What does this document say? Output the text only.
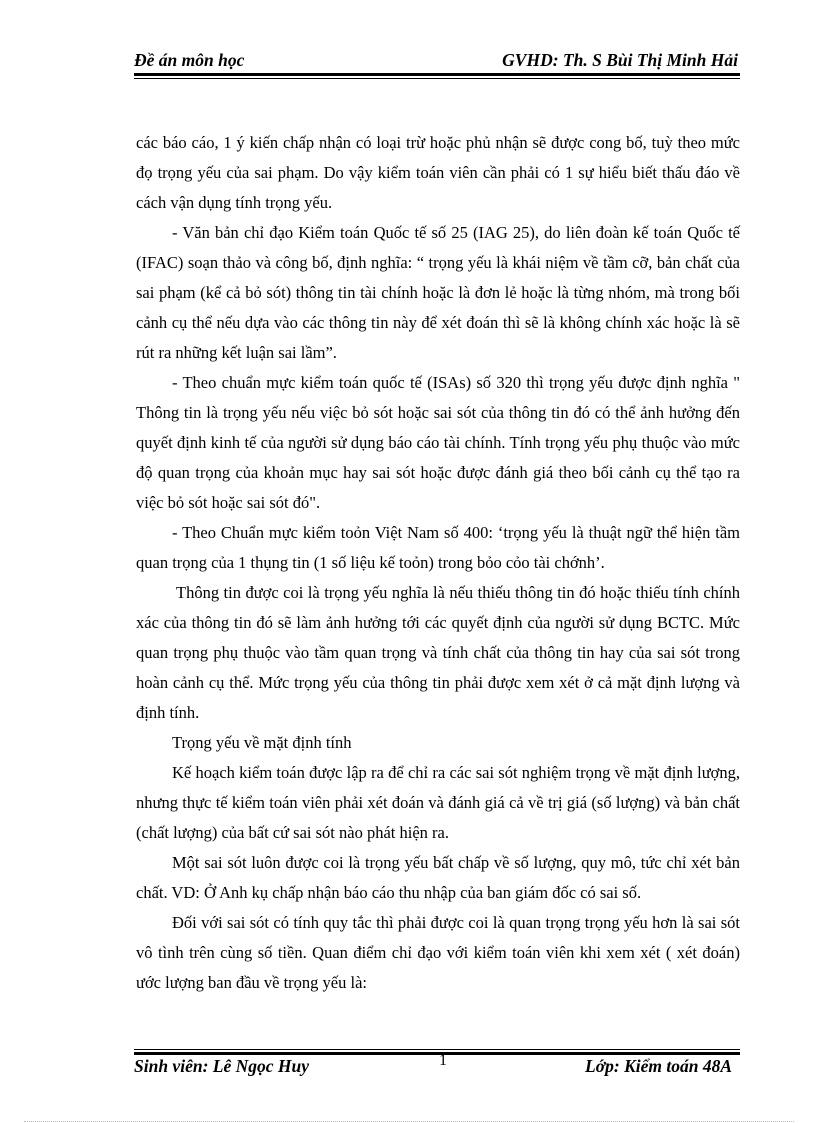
Đề án môn học	GVHD: Th. S Bùi Thị Minh Hải

các báo cáo, 1 ý kiến chấp nhận có loại trừ hoặc phủ nhận sẽ được cong bố, tuỳ theo mức đọ trọng yếu của sai phạm. Do vậy kiểm toán viên cần phải có 1 sự hiểu biết thấu đáo về cách vận dụng tính trọng yếu.

- Văn bản chỉ đạo Kiểm toán Quốc tế số 25 (IAG 25), do liên đoàn kế toán Quốc tế (IFAC) soạn thảo và công bố, định nghĩa: “ trọng yếu là khái niệm về tầm cỡ, bản chất của sai phạm (kể cả bỏ sót) thông tin tài chính hoặc là đơn lẻ hoặc là từng nhóm, mà trong bối cảnh cụ thể nếu dựa vào các thông tin này để xét đoán thì sẽ là không chính xác hoặc là sẽ rút ra những kết luận sai lầm”.

- Theo chuẩn mực kiểm toán quốc tế (ISAs) số 320 thì trọng yếu được định nghĩa " Thông tin là trọng yếu nếu việc bỏ sót hoặc sai sót của thông tin đó có thể ảnh hưởng đến quyết định kinh tế của người sử dụng báo cáo tài chính. Tính trọng yếu phụ thuộc vào mức độ quan trọng của khoản mục hay sai sót hoặc được đánh giá theo bối cảnh cụ thể tạo ra việc bỏ sót hoặc sai sót đó".

- Theo Chuẩn mực kiểm toỏn Việt Nam số 400: ‘trọng yếu là thuật ngữ thể hiện tầm quan trọng của 1 thụng tin (1 số liệu kế toỏn) trong bỏo cỏo tài chớnh’.

Thông tin được coi là trọng yếu nghĩa là nếu thiếu thông tin đó hoặc thiếu tính chính xác của thông tin đó sẽ làm ảnh hưởng tới các quyết định của người sử dụng BCTC. Mức quan trọng phụ thuộc vào tầm quan trọng và tính chất của thông tin hay của sai sót trong hoàn cảnh cụ thể. Mức trọng yếu của thông tin phải được xem xét ở cả mặt định lượng và định tính.

Trọng yếu về mặt định tính

Kế hoạch kiểm toán được lập ra để chỉ ra các sai sót nghiệm trọng về mặt định lượng, nhưng thực tế kiểm toán viên phải xét đoán và đánh giá cả về trị giá (số lượng) và bản chất (chất lượng) của bất cứ sai sót nào phát hiện ra.

Một sai sót luôn được coi là trọng yếu bất chấp về số lượng, quy mô, tức chỉ xét bản chất. VD: Ở Anh kụ chấp nhận báo cáo thu nhập của ban giám đốc có sai số.

Đối với sai sót có tính quy tắc thì phải được coi là quan trọng trọng yếu hơn là sai sót vô tình trên cùng số tiền. Quan điểm chỉ đạo với kiểm toán viên khi xem xét ( xét đoán) ước lượng ban đầu về trọng yếu là:

Sinh viên: Lê Ngọc Huy	1	Lớp: Kiểm toán 48A
